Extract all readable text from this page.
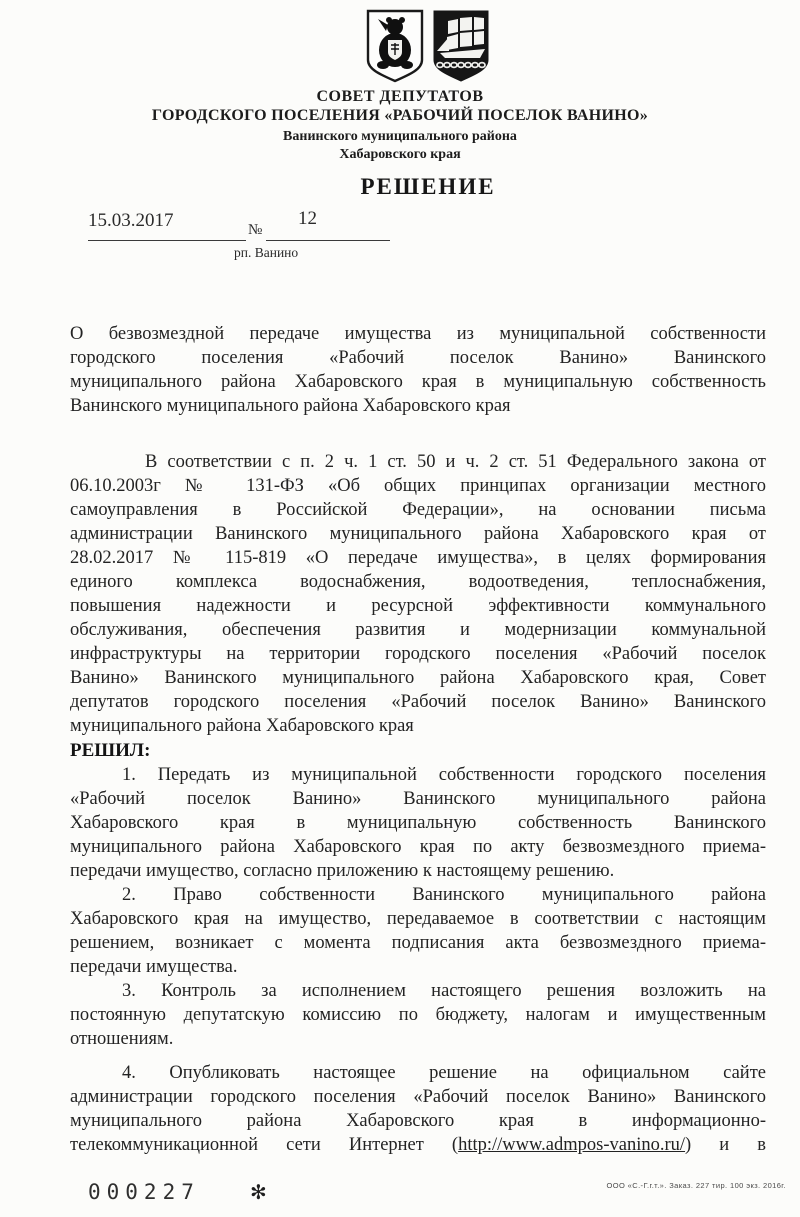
СОВЕТ ДЕПУТАТОВ
ГОРОДСКОГО ПОСЕЛЕНИЯ «РАБОЧИЙ ПОСЕЛОК ВАНИНО»
Ванинского муниципального района
Хабаровского края
РЕШЕНИЕ
15.03.2017	12
№
рп. Ванино
О безвозмездной передаче имущества из муниципальной собственности
городского поселения «Рабочий поселок Ванино» Ванинского
муниципального района Хабаровского края в муниципальную собственность
Ванинского муниципального района Хабаровского края
В соответствии с п. 2 ч. 1 ст. 50 и ч. 2 ст. 51 Федерального закона от
06.10.2003г № 131-ФЗ «Об общих принципах организации местного
самоуправления в Российской Федерации», на основании письма
администрации Ванинского муниципального района Хабаровского края от
28.02.2017 № 115-819 «О передаче имущества», в целях формирования
единого комплекса водоснабжения, водоотведения, теплоснабжения,
повышения надежности и ресурсной эффективности коммунального
обслуживания, обеспечения развития и модернизации коммунальной
инфраструктуры на территории городского поселения «Рабочий поселок
Ванино» Ванинского муниципального района Хабаровского края, Совет
депутатов городского поселения «Рабочий поселок Ванино» Ванинского
муниципального района Хабаровского края
РЕШИЛ:
1. Передать из муниципальной собственности городского поселения
«Рабочий поселок Ванино» Ванинского муниципального района
Хабаровского края в муниципальную собственность Ванинского
муниципального района Хабаровского края по акту безвозмездного приема-
передачи имущество, согласно приложению к настоящему решению.
2. Право собственности Ванинского муниципального района
Хабаровского края на имущество, передаваемое в соответствии с настоящим
решением, возникает с момента подписания акта безвозмездного приема-
передачи имущества.
3. Контроль за исполнением настоящего решения возложить на
постоянную депутатскую комиссию по бюджету, налогам и имущественным
отношениям.
4. Опубликовать настоящее решение на официальном сайте
администрации городского поселения «Рабочий поселок Ванино» Ванинского
муниципального района Хабаровского края в информационно-
телекоммуникационной сети Интернет (http://www.admpos-vanino.ru/) и в
000227	✻	ООО «С.-Г.г.т.». Заказ. 227 тир. 100 экз. 2016г.
